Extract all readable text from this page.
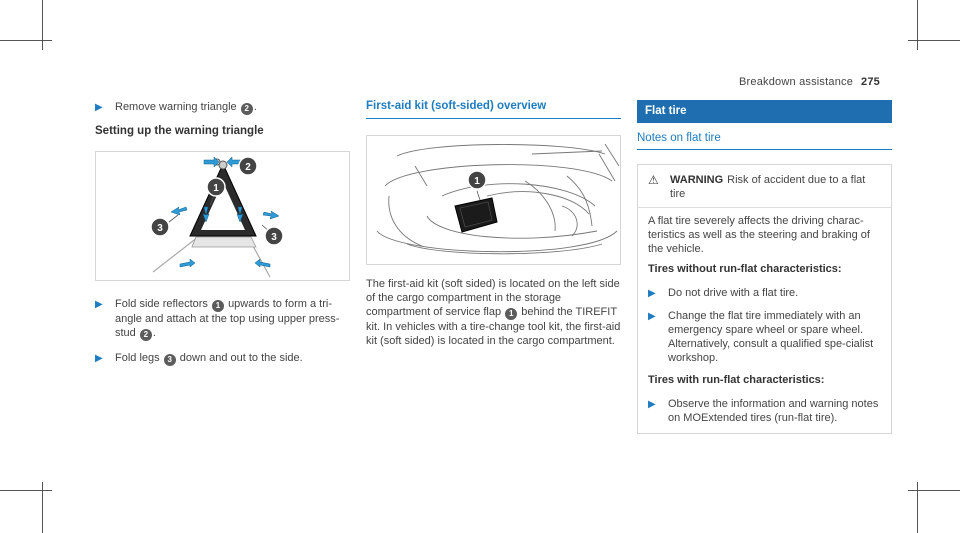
Breakdown assistance 275
▶	Remove warning triangle 2 .
Setting up the warning triangle
1
2
3
3
▶	Fold side reflectors 1 upwards to form a tri-angle and attach at the top using upper press-stud 2 .
▶	Fold legs 3 down and out to the side.
First-aid kit (soft-sided) overview
1
The first-aid kit (soft sided) is located on the left side of the cargo compartment in the storage compartment of service flap 1 behind the TIREFIT kit. In vehicles with a tire-change tool kit, the first-aid kit (soft sided) is located in the cargo compartment.
Flat tire
Notes on flat tire
⚠	WARNING Risk of accident due to a flat tire
A flat tire severely affects the driving charac-teristics as well as the steering and braking of the vehicle.
Tires without run-flat characteristics:
▶	Do not drive with a flat tire.
▶	Change the flat tire immediately with an emergency spare wheel or spare wheel. Alternatively, consult a qualified spe-cialist workshop.
Tires with run-flat characteristics:
▶	Observe the information and warning notes on MOExtended tires (run-flat tire).
